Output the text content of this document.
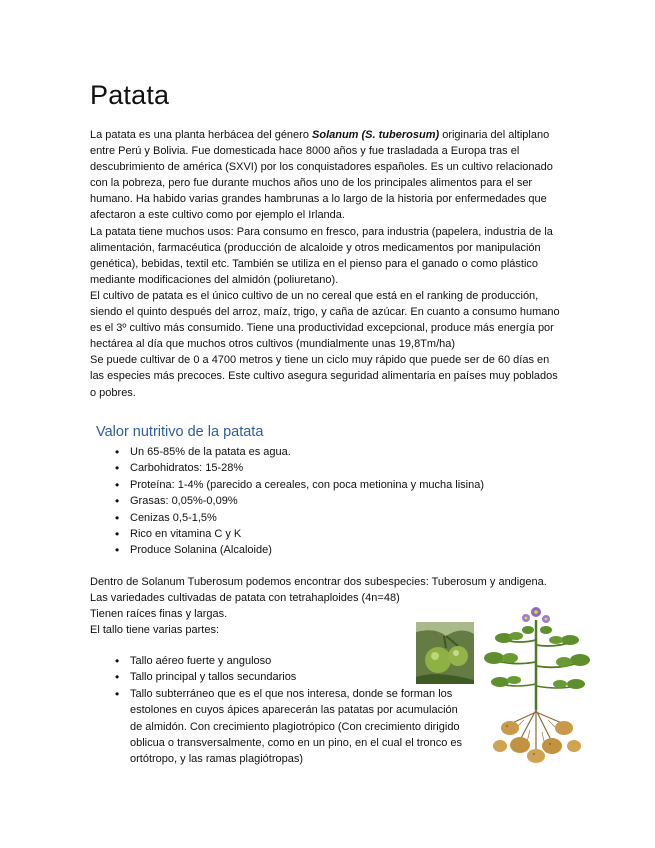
Patata

La patata es una planta herbácea del género Solanum (S. tuberosum) originaria del altiplano entre Perú y Bolivia. Fue domesticada hace 8000 años y fue trasladada a Europa tras el descubrimiento de américa (SXVI) por los conquistadores españoles. Es un cultivo relacionado con la pobreza, pero fue durante muchos años uno de los principales alimentos para el ser humano. Ha habido varias grandes hambrunas a lo largo de la historia por enfermedades que afectaron a este cultivo como por ejemplo el Irlanda.

La patata tiene muchos usos: Para consumo en fresco, para industria (papelera, industria de la alimentación, farmacéutica (producción de alcaloide y otros medicamentos por manipulación genética), bebidas, textil etc. También se utiliza en el pienso para el ganado o como plástico mediante modificaciones del almidón (poliuretano).

El cultivo de patata es el único cultivo de un no cereal que está en el ranking de producción, siendo el quinto después del arroz, maíz, trigo, y caña de azúcar. En cuanto a consumo humano es el 3º cultivo más consumido. Tiene una productividad excepcional, produce más energía por hectárea al día que muchos otros cultivos (mundialmente unas 19,8Tm/ha)

Se puede cultivar de 0 a 4700 metros y tiene un ciclo muy rápido que puede ser de 60 días en las especies más precoces. Este cultivo asegura seguridad alimentaria en países muy poblados o pobres.

Valor nutritivo de la patata
• Un 65-85% de la patata es agua.
• Carbohidratos: 15-28%
• Proteína: 1-4% (parecido a cereales, con poca metionina y mucha lisina)
• Grasas: 0,05%-0,09%
• Cenizas 0,5-1,5%
• Rico en vitamina C y K
• Produce Solanina (Alcaloide)

Dentro de Solanum Tuberosum podemos encontrar dos subespecies: Tuberosum y andigena.

Las variedades cultivadas de patata con tetrahaploides (4n=48)

Tienen raíces finas y largas.

El tallo tiene varias partes:

• Tallo aéreo fuerte y anguloso
• Tallo principal y tallos secundarios
• Tallo subterráneo que es el que nos interesa, donde se forman los estolones en cuyos ápices aparecerán las patatas por acumulación de almidón. Con crecimiento plagiotrópico (Con crecimiento dirigido oblicua o transversalmente, como en un pino, en el cual el tronco es ortótropo, y las ramas plagiótropas)
